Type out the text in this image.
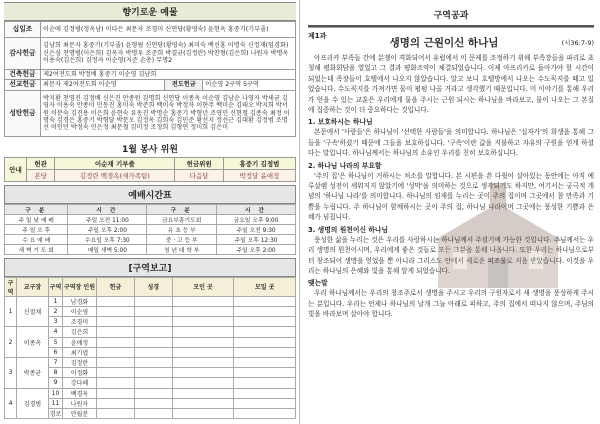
향기로운 예물
십일조	이순애 김정범(정옥남) 이다은 최문자 조경미 신연당(황영숙) 윤현옥 홍중기(기부줄)
감사헌금	김남희 최문자 홍중기(기부줄) 윤형림 신연당(황영숙) 최미숙 백선홍 이명숙 신정재(임경화) 신은심 천명범(이은희) 김옥자 박명우 조준희 박결균(김정란) 박찬형(김은희) 나원자 박명옥 이용숙(김은희) 김정자 이순영(지준 손총) 무명2
건축헌금	제2여전도회 박정배 홍중기 이순영 김남희
선교헌금	최문자 제2여전도회 이순영	전도헌금	이순영 2구역 5구역

성탄헌금	박지환 천영진 김정배 신은진 안종원 김명희 신연당 이종옥 이순영 김남순 나영자 박세균 김영자 이용숙 안종미 민동진 홍미숙 박준희 백미숙 박정자 이현주 백미순 김태오 박지희 박서원 이분숙 김진용 이은희 윤현숙 류동진 박명순 홍중기 박형년 조영민 신현철 김종숙 최정 이명숙 김경은 홍중기 박형달 박문오 김정옥 김희숙 김민준 황선지 정선근 김대환 김정범 조명선 이인민 박정숙 민은정 최문철 김미정 조정희 김형연 정미희 김은미
1월 봉사 위원
안내	헌관	이순재 기부줄	헌금위원	홍중기 김정범
	본당	김정란 백경옥(새가족팀)	다음달	박정달 윤애정
예배시간표
구 분	시 간	구 분	시 간
주 일 낮 예 배	주일 오전 11:00	금요부흥기도회	금요일 오후 9:00
주 일 오 후	주일 오후 2:00	유 초 등 부	주일 오전 9:30
수 요 예 배	수요일 오후 7:30	중 · 고 등 부	주일 오후 12:30
새 벽 기 도 회	매일 새벽 5:00	청 년 대 학 부	주일 오후 2:00
[구역보고]
구역	교구장	구역	구역장 인원	헌금	성경	모인 곳	모일 곳
1	신절채	1	남경화				
		2	이순영				
		3	조경미				
2	이종옥	4	김은희				
		5	윤애정				
		6	최기엽				
3	박종균	7	김정란				
		8	이정화				
		9	강다혜				
4	김경범	10	백경옥				
		11	나원자				
		경로	안월분				
구역공과
제1과
생명의 근원이신 하나님	(시36:7-9)

아프리카 부족들 간에 분쟁이 격화되어서 유럽에서 이 문제를 조정하기 위해 부족장들을 파리로 초청해 평화회담을 열었고 그 결과 평화조약이 체결되었습니다. 이제 아프리카로 돌아가야 할 시간이 되었는데 족장들이 호텔에서 나오지 않았습니다. 알고 보니 호텔방에서 나오는 수도꼭지를 떼고 있었습니다. 수도꼭지를 가져가면 물이 펑펑 나올 거라고 생각했기 때문입니다. 이 이야기를 통해 우리가 얻을 수 있는 교훈은 우리에게 물을 주시는 근원 되시는 하나님을 바라보고, 물이 나오는 그 본질에 집중하는 것이 더 중요하다는 것입니다.

1. 보호하시는 하나님

본문에서 '사람들'은 하나님이 '선택한 사람들'을 의미합니다. 하나님은 '십자가'의 희생을 통해 그들을 '구속'하셨기 때문에 그들을 보호하십니다. '구속'이란 값을 지불하고 자유의 구원을 얻게 하셨다는 말입니다. 하나님께서는 하나님의 소유인 우리를 친히 보호하십니다.

2. 하나님 나라의 부요함

'주의 집'은 하나님이 거하시는 처소를 말합니다. 본 시편을 쓴 다윗이 살아있는 동안에는 아직 예루살렘 성전이 세워지지 않았기에 '성막'을 의미하는 것으로 생각되기도 하지만, 여기서는 궁극적 개념의 '하나님 나라'를 의미합니다. 하나님의 임재를 누리는 곳이 주의 집이며 그곳에서 참 만족과 기쁨을 누립니다. 주 하나님이 함께하시는 곳이 주의 집, 하나님 나라이며 그곳에는 풍성한 기쁨과 은혜가 넘칩니다.

3. 생명의 원천이신 하나님

풍성한 삶을 누리는 것은 우리를 사랑하시는 하나님께서 주셨기에 가능한 것입니다. 주님께서는 우리 생명의 원천이시며, 우리에게 좋은 것들로 모든 그분을 통해 나옵니다. 또한 우리는 하나님으로부터 창조되어 생명을 얻었을 뿐 아니라 그리스도 안에서 새로운 피조물로 지음 받았습니다. 이것을 우리는 하나님의 은혜와 빛을 통해 알게 되었습니다.

맺는말

우리 하나님께서는 우리의 창조주로서 생명을 주시고 우리의 구원자로서 새 생명을 풍성하게 주시는 분입니다. 우리는 언제나 하나님의 날개 그늘 아래로 피하고, 주의 집에서 떠나지 않으며, 주님의 빛을 바라보며 살아야 합니다.
